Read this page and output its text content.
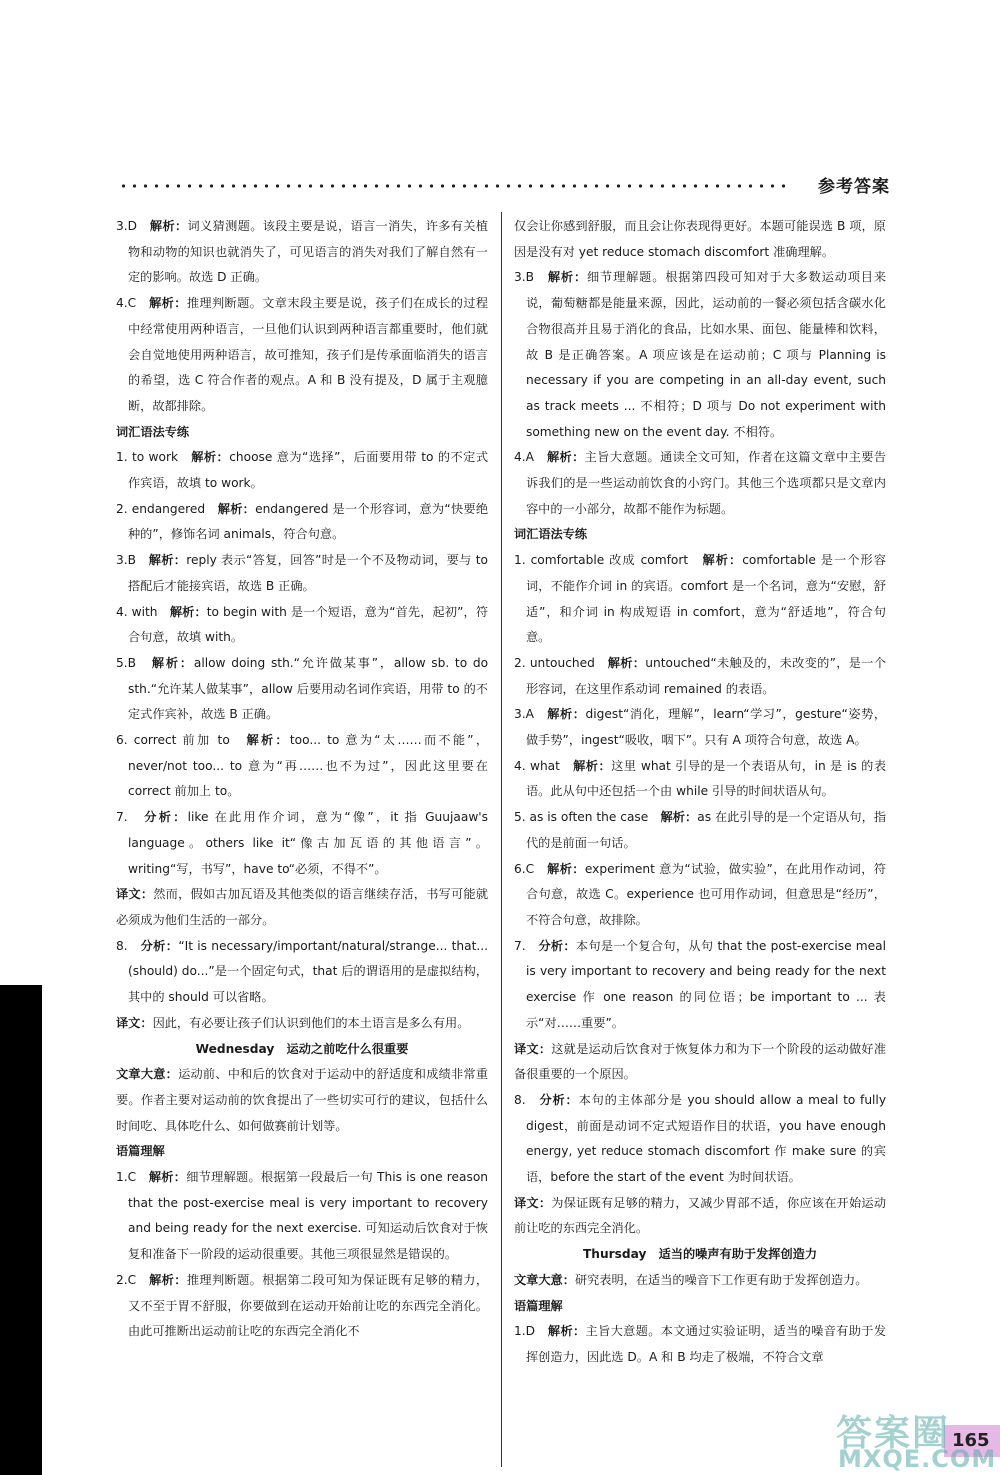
参考答案

3.D　 解析：词义猜测题。该段主要是说，语言一消失，许多有关植物和动物的知识也就消失了，可见语言的消失对我们了解自然有一定的影响。故选 D 正确。

4.C　 解析：推理判断题。文章末段主要是说，孩子们在成长的过程中经常使用两种语言，一旦他们认识到两种语言都重要时，他们就会自觉地使用两种语言，故可推知，孩子们是传承面临消失的语言的希望，选 C 符合作者的观点。A 和 B 没有提及，D 属于主观臆断，故都排除。

词汇语法专练

1. to work　 解析：choose 意为“选择”，后面要用带 to 的不定式作宾语，故填 to work。

2. endangered　 解析：endangered 是一个形容词，意为“快要绝种的”，修饰名词 animals，符合句意。

3.B　 解析：reply 表示“答复，回答”时是一个不及物动词，要与 to 搭配后才能接宾语，故选 B 正确。

4. with　 解析：to begin with 是一个短语，意为“首先，起初”，符合句意，故填 with。

5.B　 解析：allow doing sth.“允许做某事”，allow sb. to do sth.“允许某人做某事”，allow 后要用动名词作宾语，用带 to 的不定式作宾补，故选 B 正确。

6. correct 前加 to　 解析：too... to 意为“太……而不能”，never/not too... to 意为“再……也不为过”，因此这里要在 correct 前加上 to。

7.　 分析：like 在此用作介词，意为“像”，it 指 Guujaaw's language。others like it“像古加瓦语的其他语言”。writing“写，书写”，have to“必须，不得不”。

译文：然而，假如古加瓦语及其他类似的语言继续存活，书写可能就必须成为他们生活的一部分。

8.　 分析：“It is necessary/important/natural/strange... that...(should) do...”是一个固定句式，that 后的谓语用的是虚拟结构，其中的 should 可以省略。

译文：因此，有必要让孩子们认识到他们的本土语言是多么有用。

Wednesday　运动之前吃什么很重要

文章大意：运动前、中和后的饮食对于运动中的舒适度和成绩非常重要。作者主要对运动前的饮食提出了一些切实可行的建议，包括什么时间吃、具体吃什么、如何做赛前计划等。

语篇理解

1.C　 解析：细节理解题。根据第一段最后一句 This is one reason that the post-exercise meal is very important to recovery and being ready for the next exercise. 可知运动后饮食对于恢复和准备下一阶段的运动很重要。其他三项很显然是错误的。

2.C　 解析：推理判断题。根据第二段可知为保证既有足够的精力，又不至于胃不舒服，你要做到在运动开始前让吃的东西完全消化。由此可推断出运动前让吃的东西完全消化不

仅会让你感到舒服，而且会让你表现得更好。本题可能误选 B 项，原因是没有对 yet reduce stomach discomfort 准确理解。

3.B　 解析：细节理解题。根据第四段可知对于大多数运动项目来说，葡萄糖都是能量来源，因此，运动前的一餐必须包括含碳水化合物很高并且易于消化的食品，比如水果、面包、能量棒和饮料，故 B 是正确答案。A 项应该是在运动前；C 项与 Planning is necessary if you are competing in an all-day event, such as track meets ... 不相符；D 项与 Do not experiment with something new on the event day. 不相符。

4.A　 解析：主旨大意题。通读全文可知，作者在这篇文章中主要告诉我们的是一些运动前饮食的小窍门。其他三个选项都只是文章内容中的一小部分，故都不能作为标题。

词汇语法专练

1. comfortable 改成 comfort　 解析：comfortable 是一个形容词，不能作介词 in 的宾语。comfort 是一个名词，意为“安慰，舒适”，和介词 in 构成短语 in comfort，意为“舒适地”，符合句意。

2. untouched　 解析：untouched“未触及的，未改变的”，是一个形容词，在这里作系动词 remained 的表语。

3.A　 解析：digest“消化，理解”，learn“学习”，gesture“姿势，做手势”，ingest“吸收，咽下”。只有 A 项符合句意，故选 A。

4. what　 解析：这里 what 引导的是一个表语从句，in 是 is 的表语。此从句中还包括一个由 while 引导的时间状语从句。

5. as is often the case　 解析：as 在此引导的是一个定语从句，指代的是前面一句话。

6.C　 解析：experiment 意为“试验，做实验”，在此用作动词，符合句意，故选 C。experience 也可用作动词，但意思是“经历”，不符合句意，故排除。

7.　 分析：本句是一个复合句，从句 that the post-exercise meal is very important to recovery and being ready for the next exercise 作 one reason 的同位语；be important to ... 表示“对……重要”。

译文：这就是运动后饮食对于恢复体力和为下一个阶段的运动做好准备很重要的一个原因。

8.　 分析：本句的主体部分是 you should allow a meal to fully digest，前面是动词不定式短语作目的状语，you have enough energy, yet reduce stomach discomfort 作 make sure 的宾语，before the start of the event 为时间状语。

译文：为保证既有足够的精力，又减少胃部不适，你应该在开始运动前让吃的东西完全消化。

Thursday　适当的噪声有助于发挥创造力

文章大意：研究表明，在适当的噪音下工作更有助于发挥创造力。

语篇理解

1.D　 解析：主旨大意题。本文通过实验证明，适当的噪音有助于发挥创造力，因此选 D。A 和 B 均走了极端，不符合文章

165
答案圈
MXQE.COM
